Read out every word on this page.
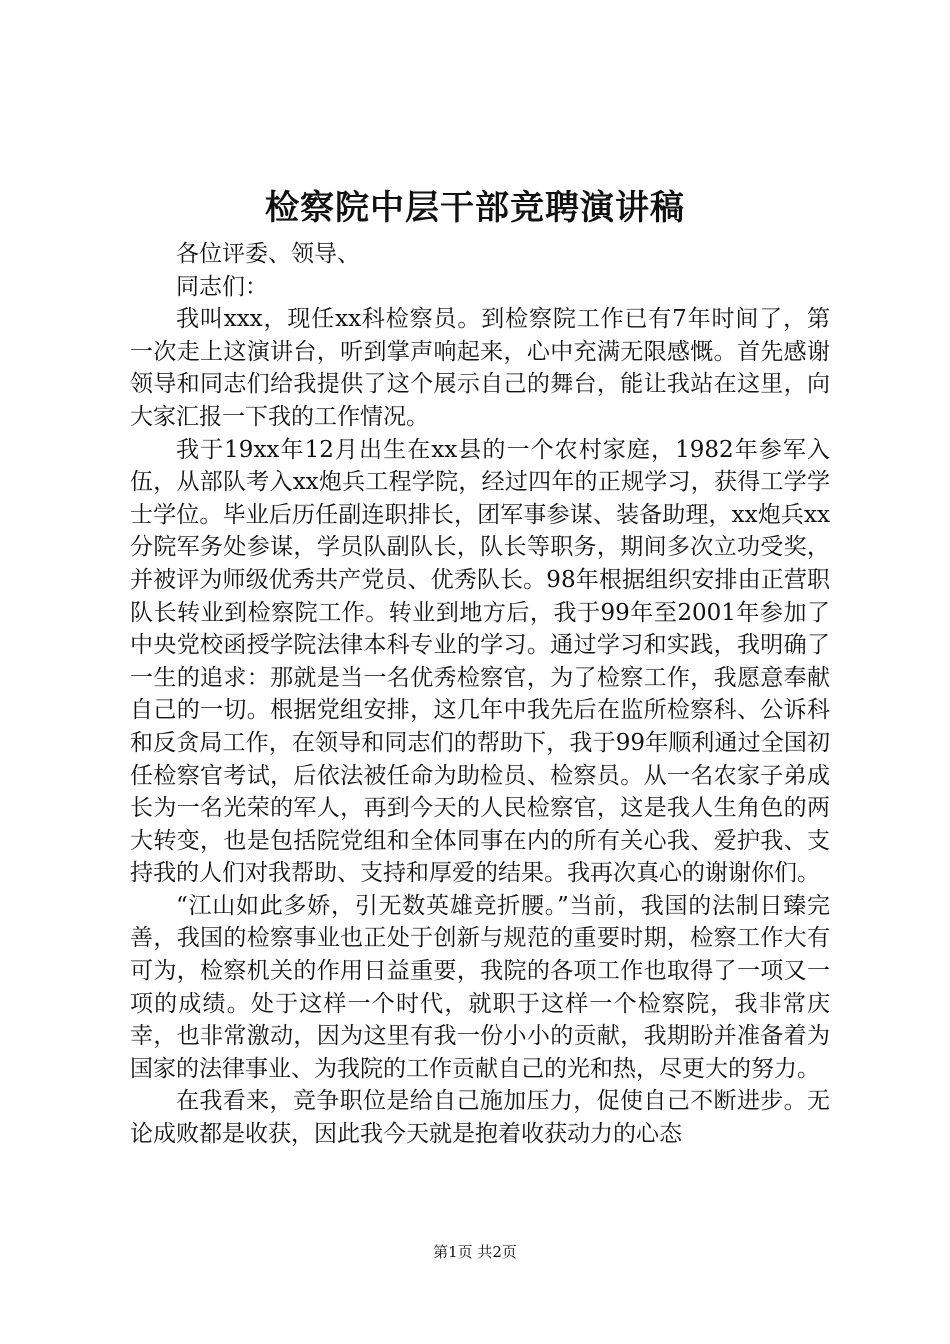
检察院中层干部竞聘演讲稿

各位评委、领导、

同志们：

我叫xxx，现任xx科检察员。到检察院工作已有7年时间了，第一次走上这演讲台，听到掌声响起来，心中充满无限感慨。首先感谢领导和同志们给我提供了这个展示自己的舞台，能让我站在这里，向大家汇报一下我的工作情况。

我于19xx年12月出生在xx县的一个农村家庭，1982年参军入伍，从部队考入xx炮兵工程学院，经过四年的正规学习，获得工学学士学位。毕业后历任副连职排长，团军事参谋、装备助理，xx炮兵xx分院军务处参谋，学员队副队长，队长等职务，期间多次立功受奖，并被评为师级优秀共产党员、优秀队长。98年根据组织安排由正营职队长转业到检察院工作。转业到地方后，我于99年至2001年参加了中央党校函授学院法律本科专业的学习。通过学习和实践，我明确了一生的追求：那就是当一名优秀检察官，为了检察工作，我愿意奉献自己的一切。根据党组安排，这几年中我先后在监所检察科、公诉科和反贪局工作，在领导和同志们的帮助下，我于99年顺利通过全国初任检察官考试，后依法被任命为助检员、检察员。从一名农家子弟成长为一名光荣的军人，再到今天的人民检察官，这是我人生角色的两大转变，也是包括院党组和全体同事在内的所有关心我、爱护我、支持我的人们对我帮助、支持和厚爱的结果。我再次真心的谢谢你们。

“江山如此多娇，引无数英雄竞折腰。”当前，我国的法制日臻完善，我国的检察事业也正处于创新与规范的重要时期，检察工作大有可为，检察机关的作用日益重要，我院的各项工作也取得了一项又一项的成绩。处于这样一个时代，就职于这样一个检察院，我非常庆幸，也非常激动，因为这里有我一份小小的贡献，我期盼并准备着为国家的法律事业、为我院的工作贡献自己的光和热，尽更大的努力。

在我看来，竞争职位是给自己施加压力，促使自己不断进步。无论成败都是收获，因此我今天就是抱着收获动力的心态

第1页 共2页
